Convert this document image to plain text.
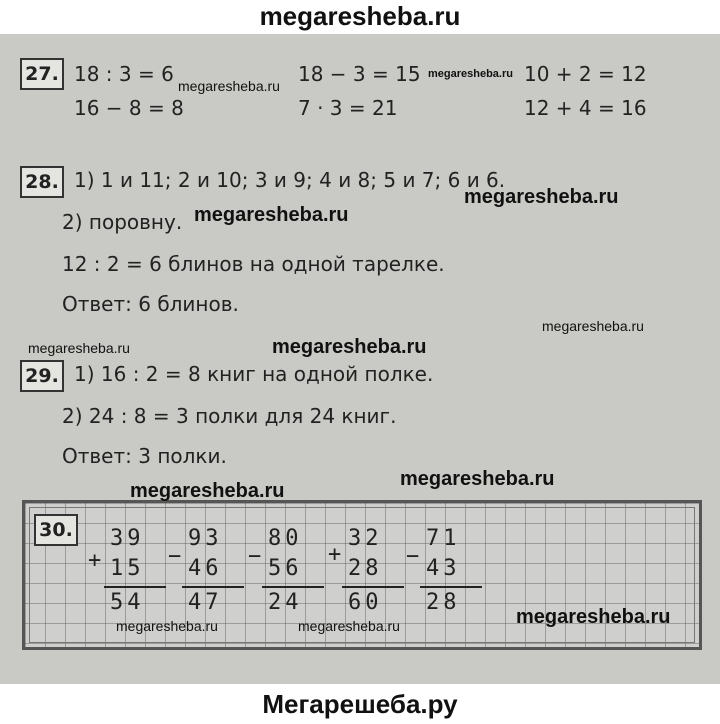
megaresheba.ru
27. 18 : 3 = 6	18 − 3 = 15	10 + 2 = 12
16 − 8 = 8	7 · 3 = 21	12 + 4 = 16
28. 1) 1 и 11; 2 и 10; 3 и 9; 4 и 8; 5 и 7; 6 и 6.
2) поровну.
12 : 2 = 6 блинов на одной тарелке.
Ответ: 6 блинов.
29. 1) 16 : 2 = 8 книг на одной полке.
2) 24 : 8 = 3 полки для 24 книг.
Ответ: 3 полки.
30.
+
39
15
54
−
93
46
47
−
80
56
24
+
32
28
60
−
71
43
28
megaresheba.ru
megaresheba.ru
megaresheba.ru
megaresheba.ru
megaresheba.ru
megaresheba.ru	megaresheba.ru
megaresheba.ru
megaresheba.ru
megaresheba.ru
megaresheba.ru	megaresheba.ru
Мегарешеба.ру
